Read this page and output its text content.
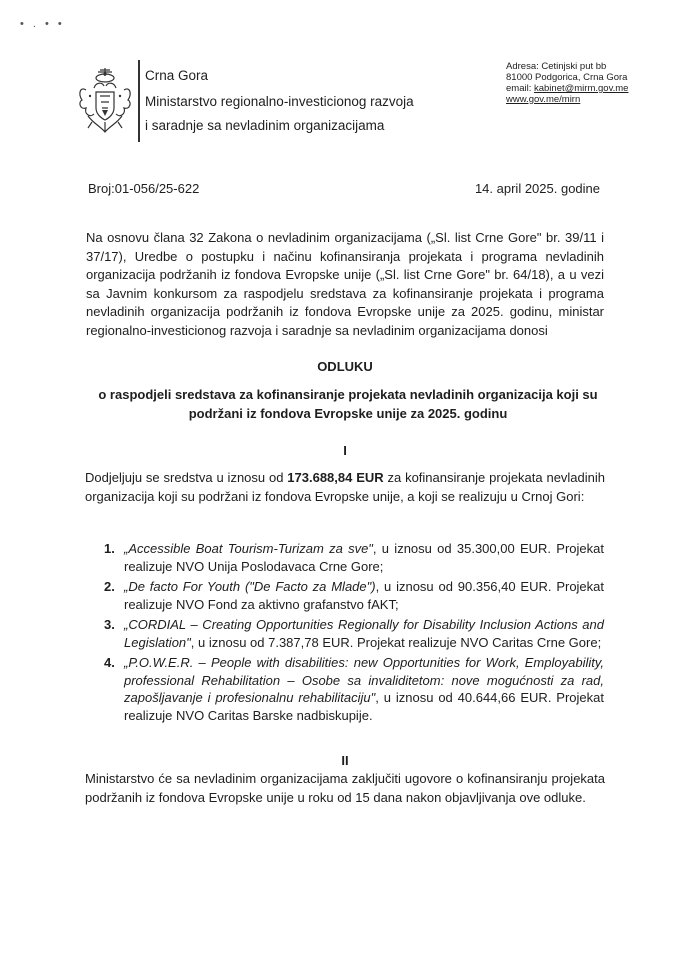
• . • •
Crna Gora
Ministarstvo regionalno-investicionog razvoja
i saradnje sa nevladinim organizacijama
Adresa: Cetinjski put bb
81000 Podgorica, Crna Gora
email: kabinet@mirm.gov.me
www.gov.me/mirn
Broj:01-056/25-622	14. april 2025. godine
Na osnovu člana 32 Zakona o nevladinim organizacijama („Sl. list Crne Gore" br. 39/11 i 37/17), Uredbe o postupku i načinu kofinansiranja projekata i programa nevladinih organizacija podržanih iz fondova Evropske unije („Sl. list Crne Gore" br. 64/18), a u vezi sa Javnim konkursom za raspodjelu sredstava za kofinansiranje projekata i programa nevladinih organizacija podržanih iz fondova Evropske unije za 2025. godinu, ministar regionalno-investicionog razvoja i saradnje sa nevladinim organizacijama donosi
ODLUKU
o raspodjeli sredstava za kofinansiranje projekata nevladinih organizacija koji su podržani iz fondova Evropske unije za 2025. godinu
I
Dodjeljuju se sredstva u iznosu od 173.688,84 EUR za kofinansiranje projekata nevladinih organizacija koji su podržani iz fondova Evropske unije, a koji se realizuju u Crnoj Gori:
1. „Accessible Boat Tourism-Turizam za sve", u iznosu od 35.300,00 EUR. Projekat realizuje NVO Unija Poslodavaca Crne Gore;
2. „De facto For Youth ("De Facto za Mlade"), u iznosu od 90.356,40 EUR. Projekat realizuje NVO Fond za aktivno grafanstvo fAKT;
3. „CORDIAL – Creating Opportunities Regionally for Disability Inclusion Actions and Legislation", u iznosu od 7.387,78 EUR. Projekat realizuje NVO Caritas Crne Gore;
4. „P.O.W.E.R. – People with disabilities: new Opportunities for Work, Employability, professional Rehabilitation – Osobe sa invaliditetom: nove mogućnosti za rad, zapošljavanje i profesionalnu rehabilitaciju", u iznosu od 40.644,66 EUR. Projekat realizuje NVO Caritas Barske nadbiskupije.
II
Ministarstvo će sa nevladinim organizacijama zaključiti ugovore o kofinansiranju projekata podržanih iz fondova Evropske unije u roku od 15 dana nakon objavljivanja ove odluke.
